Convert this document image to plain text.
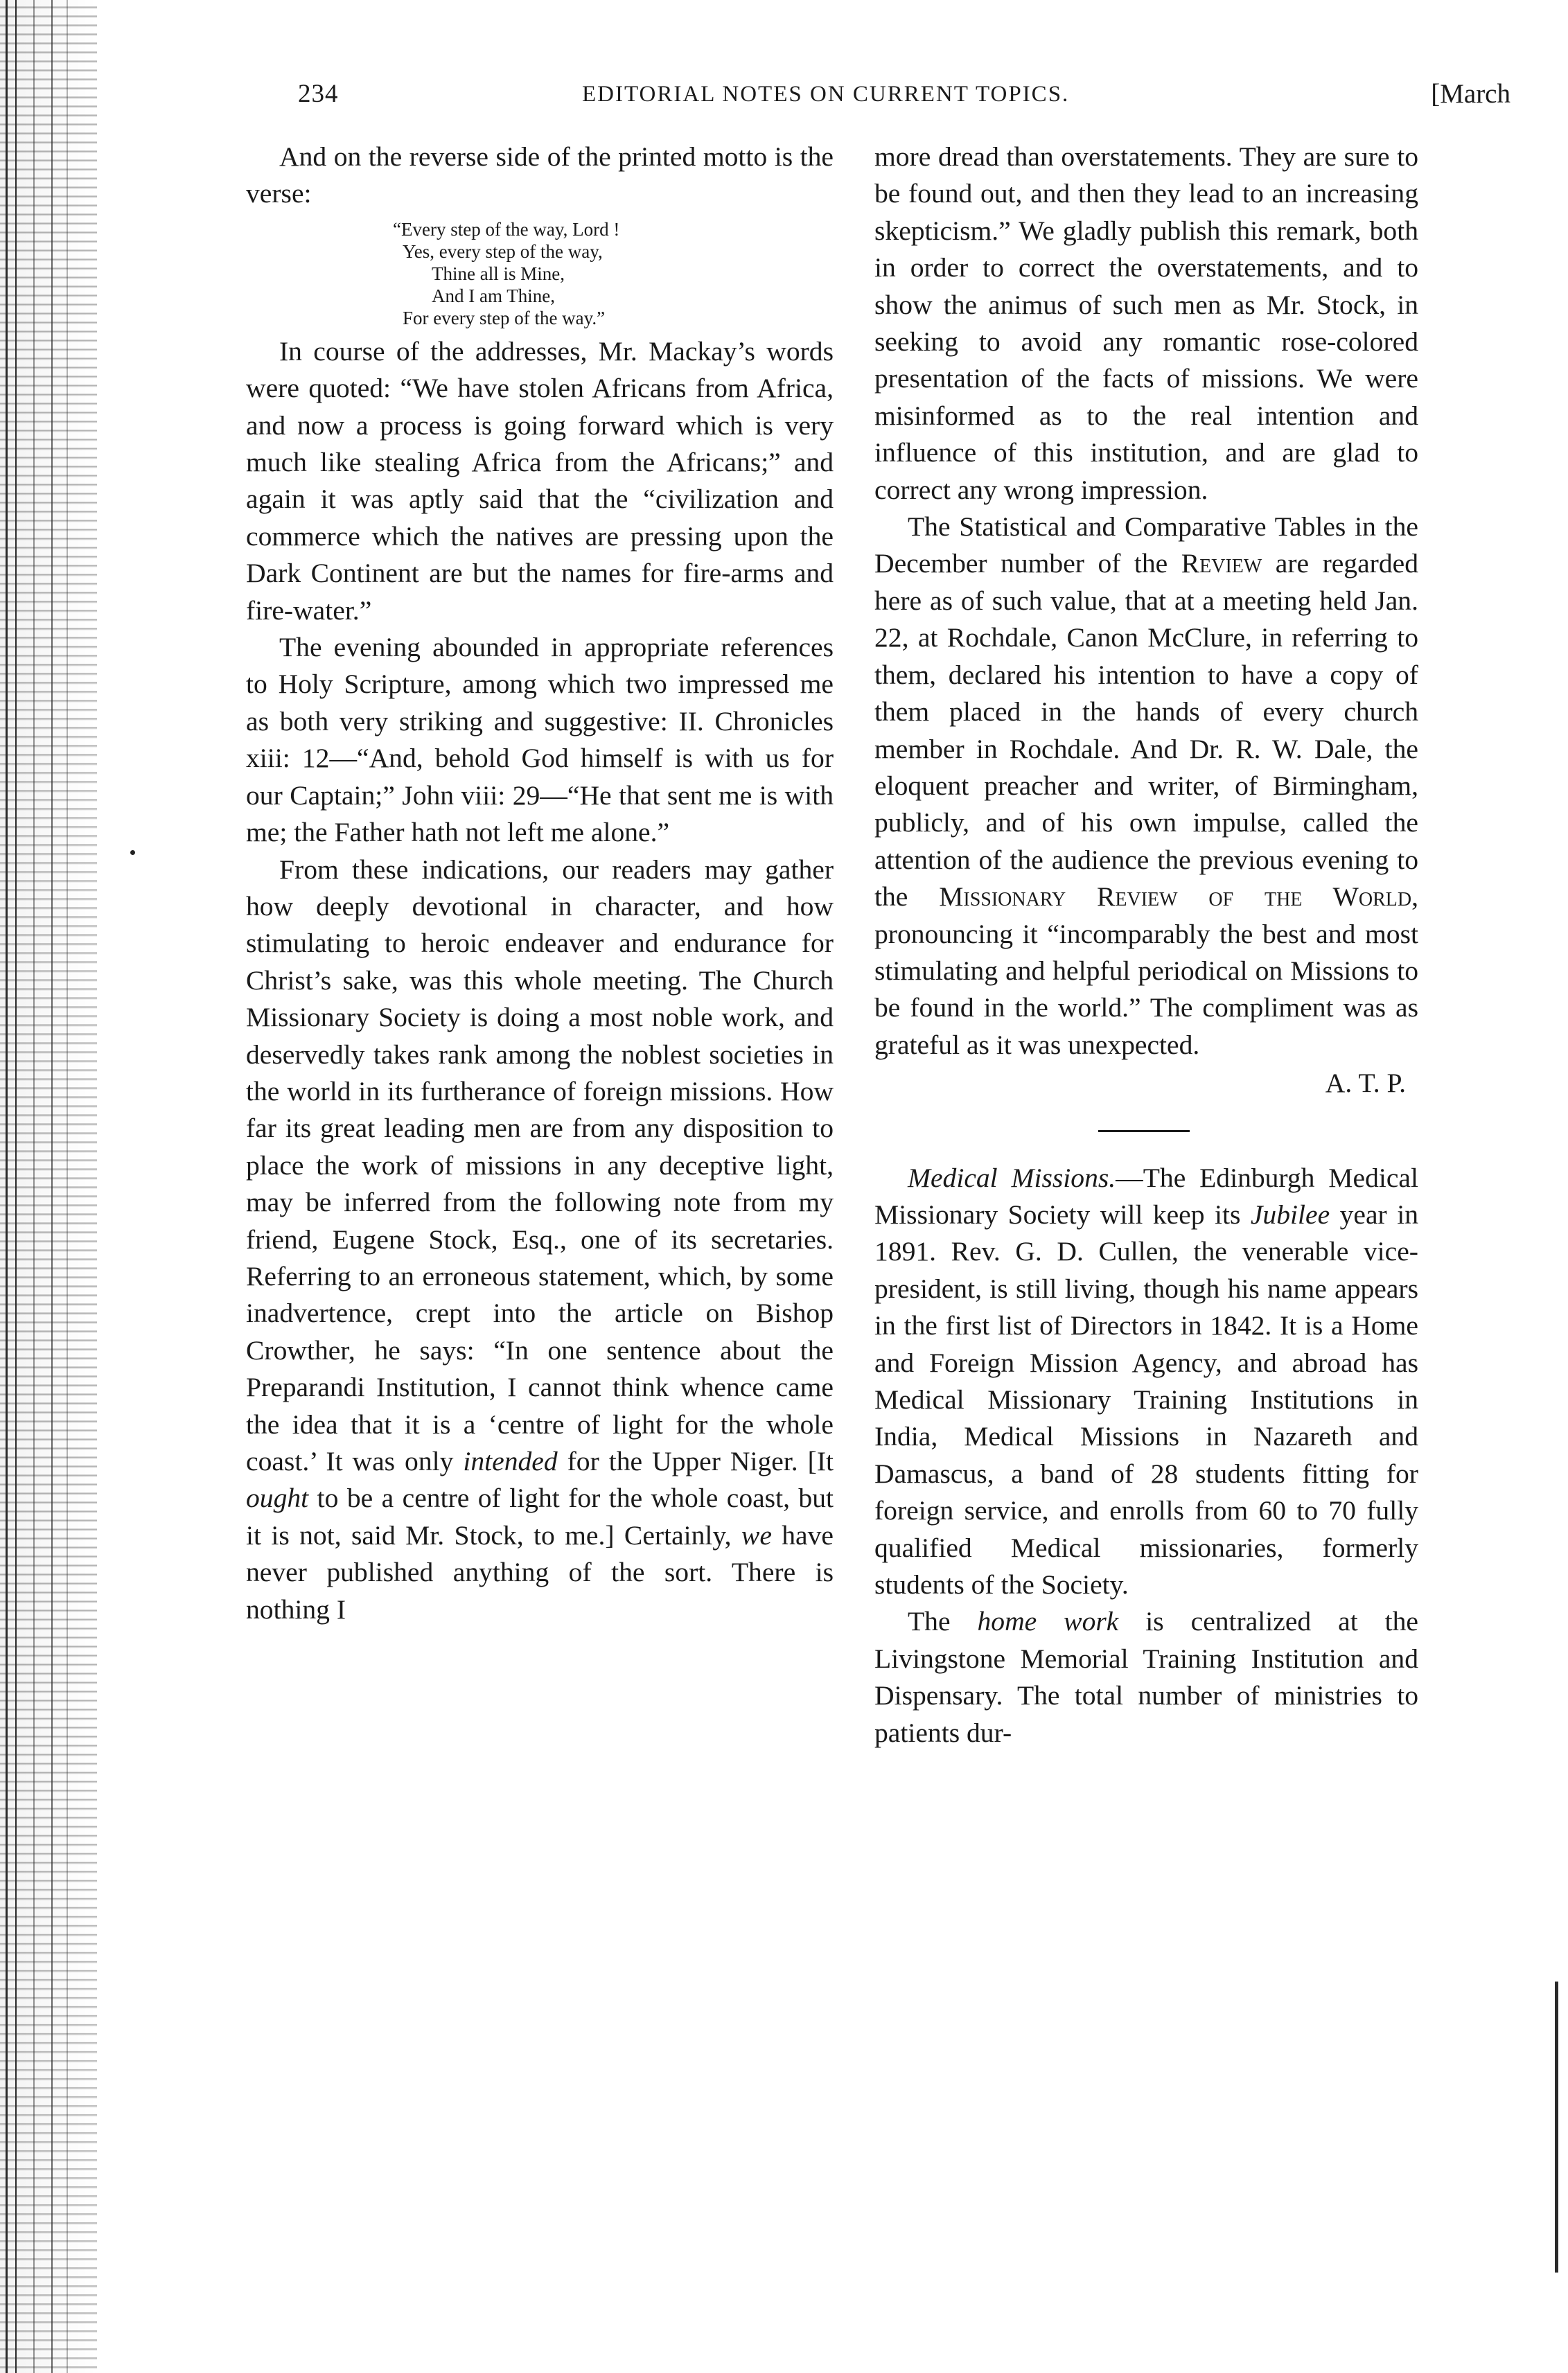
234	EDITORIAL NOTES ON CURRENT TOPICS.	[March

And on the reverse side of the printed motto is the verse:

“Every step of the way, Lord !
Yes, every step of the way,
Thine all is Mine,
And I am Thine,
For every step of the way.”

In course of the addresses, Mr. Mackay’s words were quoted: “We have stolen Africans from Africa, and now a process is going forward which is very much like stealing Africa from the Africans;” and again it was aptly said that the “civilization and commerce which the natives are pressing upon the Dark Continent are but the names for fire-arms and fire-water.”

The evening abounded in appropriate references to Holy Scripture, among which two impressed me as both very striking and suggestive: II. Chronicles xiii: 12—“And, behold God himself is with us for our Captain;” John viii: 29—“He that sent me is with me; the Father hath not left me alone.”

From these indications, our readers may gather how deeply devotional in character, and how stimulating to heroic endeaver and endurance for Christ’s sake, was this whole meeting. The Church Missionary Society is doing a most noble work, and deservedly takes rank among the noblest societies in the world in its furtherance of foreign missions. How far its great leading men are from any disposition to place the work of missions in any deceptive light, may be inferred from the following note from my friend, Eugene Stock, Esq., one of its secretaries. Referring to an erroneous statement, which, by some inadvertence, crept into the article on Bishop Crowther, he says: “In one sentence about the Preparandi Institution, I cannot think whence came the idea that it is a ‘centre of light for the whole coast.’ It was only intended for the Upper Niger. [It ought to be a centre of light for the whole coast, but it is not, said Mr. Stock, to me.] Certainly, we have never published anything of the sort. There is nothing I

more dread than overstatements. They are sure to be found out, and then they lead to an increasing skepticism.” We gladly publish this remark, both in order to correct the overstatements, and to show the animus of such men as Mr. Stock, in seeking to avoid any romantic rose-colored presentation of the facts of missions. We were misinformed as to the real intention and influence of this institution, and are glad to correct any wrong impression.

The Statistical and Comparative Tables in the December number of the Review are regarded here as of such value, that at a meeting held Jan. 22, at Rochdale, Canon McClure, in referring to them, declared his intention to have a copy of them placed in the hands of every church member in Rochdale. And Dr. R. W. Dale, the eloquent preacher and writer, of Birmingham, publicly, and of his own impulse, called the attention of the audience the previous evening to the Missionary Review of the World, pronouncing it “incomparably the best and most stimulating and helpful periodical on Missions to be found in the world.” The compliment was as grateful as it was unexpected.

A. T. P.

Medical Missions.—The Edinburgh Medical Missionary Society will keep its Jubilee year in 1891. Rev. G. D. Cullen, the venerable vice-president, is still living, though his name appears in the first list of Directors in 1842. It is a Home and Foreign Mission Agency, and abroad has Medical Missionary Training Institutions in India, Medical Missions in Nazareth and Damascus, a band of 28 students fitting for foreign service, and enrolls from 60 to 70 fully qualified Medical missionaries, formerly students of the Society.

The home work is centralized at the Livingstone Memorial Training Institution and Dispensary. The total number of ministries to patients dur-
